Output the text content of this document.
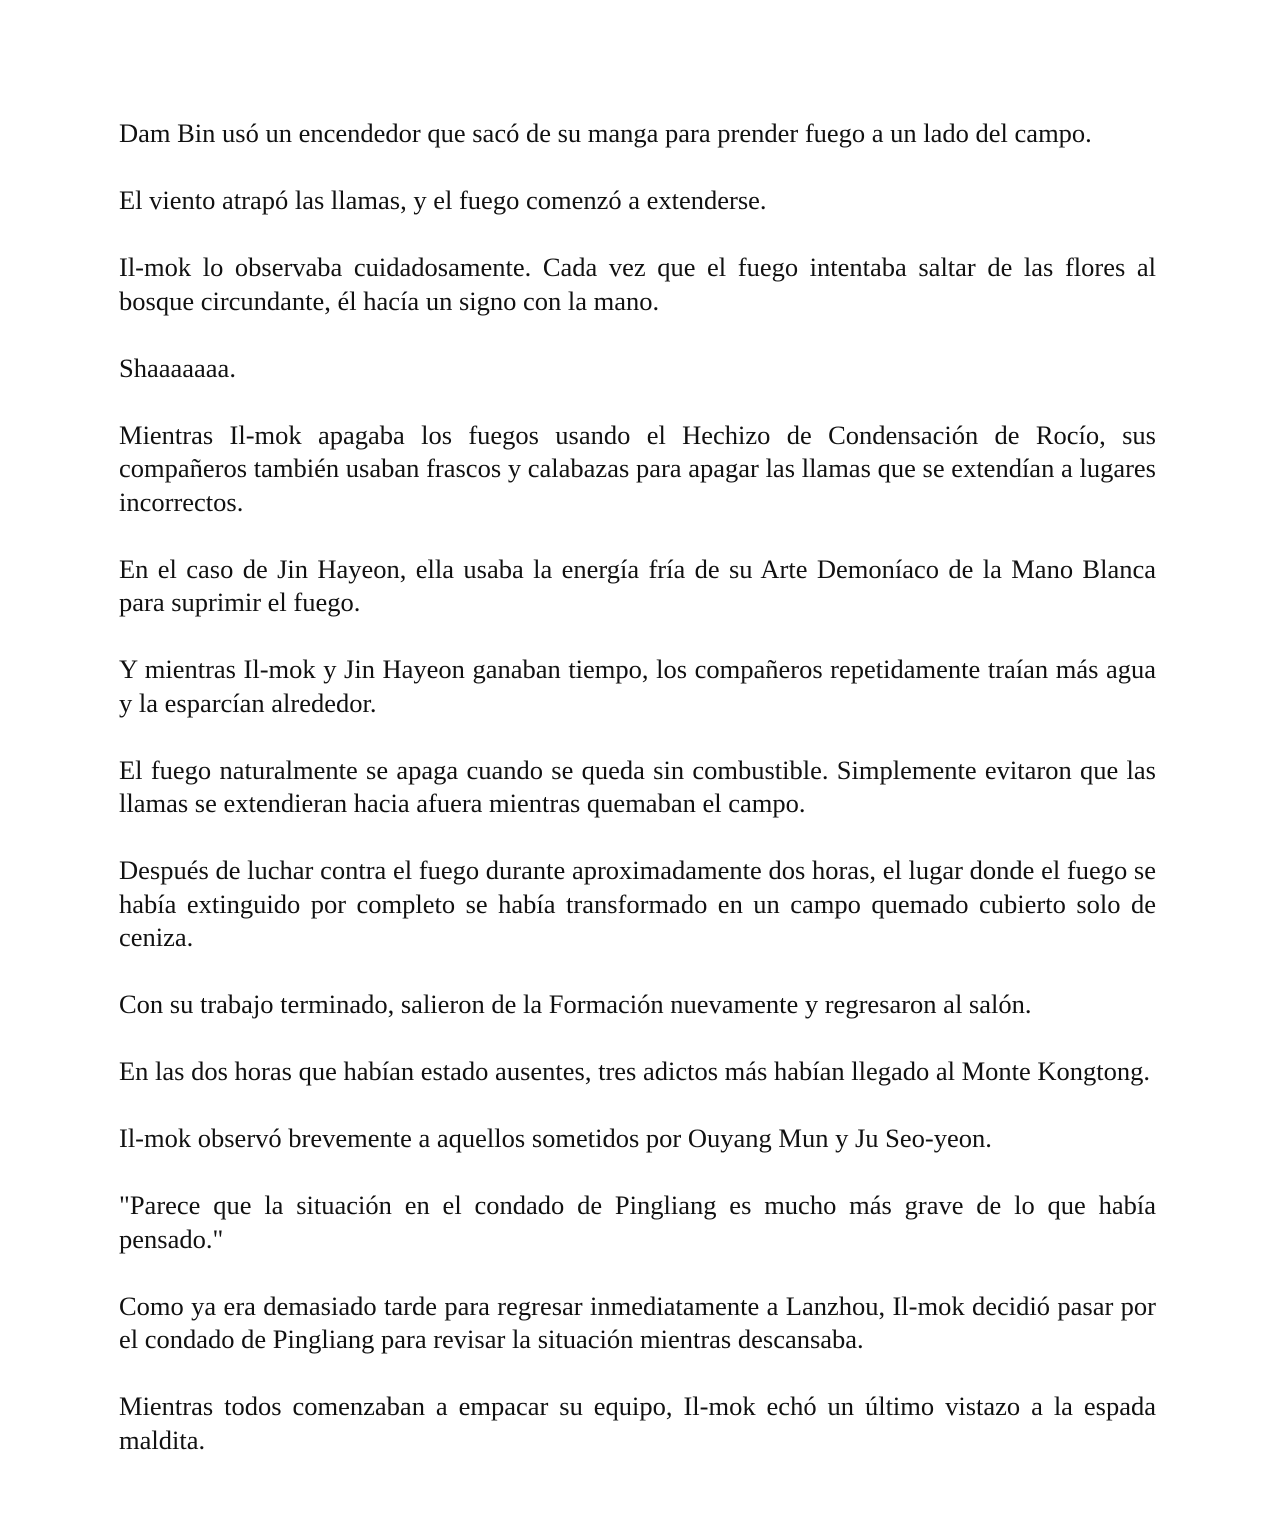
Dam Bin usó un encendedor que sacó de su manga para prender fuego a un lado del campo.

El viento atrapó las llamas, y el fuego comenzó a extenderse.

Il-mok lo observaba cuidadosamente. Cada vez que el fuego intentaba saltar de las flores al bosque circundante, él hacía un signo con la mano.

Shaaaaaaa.

Mientras Il-mok apagaba los fuegos usando el Hechizo de Condensación de Rocío, sus compañeros también usaban frascos y calabazas para apagar las llamas que se extendían a lugares incorrectos.

En el caso de Jin Hayeon, ella usaba la energía fría de su Arte Demoníaco de la Mano Blanca para suprimir el fuego.

Y mientras Il-mok y Jin Hayeon ganaban tiempo, los compañeros repetidamente traían más agua y la esparcían alrededor.

El fuego naturalmente se apaga cuando se queda sin combustible. Simplemente evitaron que las llamas se extendieran hacia afuera mientras quemaban el campo.

Después de luchar contra el fuego durante aproximadamente dos horas, el lugar donde el fuego se había extinguido por completo se había transformado en un campo quemado cubierto solo de ceniza.

Con su trabajo terminado, salieron de la Formación nuevamente y regresaron al salón.

En las dos horas que habían estado ausentes, tres adictos más habían llegado al Monte Kongtong.

Il-mok observó brevemente a aquellos sometidos por Ouyang Mun y Ju Seo-yeon.

"Parece que la situación en el condado de Pingliang es mucho más grave de lo que había pensado."

Como ya era demasiado tarde para regresar inmediatamente a Lanzhou, Il-mok decidió pasar por el condado de Pingliang para revisar la situación mientras descansaba.

Mientras todos comenzaban a empacar su equipo, Il-mok echó un último vistazo a la espada maldita.
